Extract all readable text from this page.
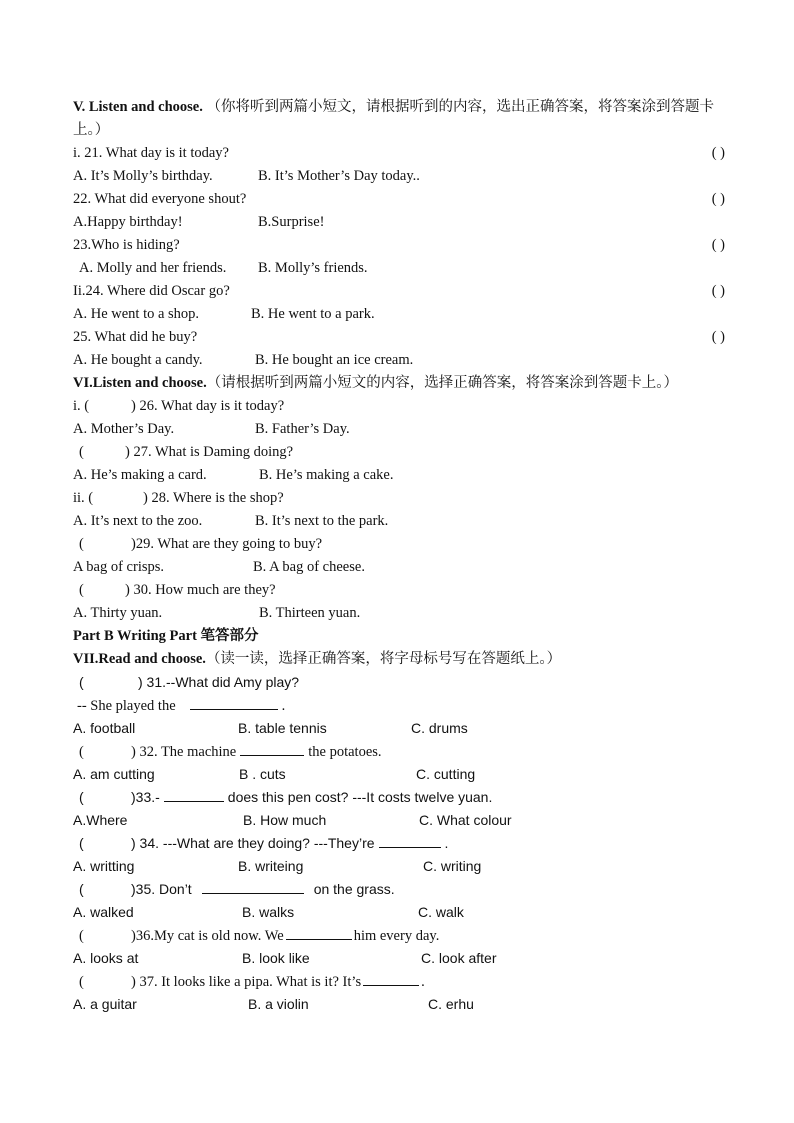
V. Listen and choose. （你将听到两篇小短文，请根据听到的内容，选出正确答案，将答案涂到答题卡上。）
i. 21. What day is it today?	( )
A. It’s Molly’s birthday.	B. It’s Mother’s Day today..
22. What did everyone shout?	( )
A.Happy birthday!	B.Surprise!
23.Who is hiding?	( )
A. Molly and her friends. B. Molly’s friends.
Ii.24. Where did Oscar go?	( )
A. He went to a shop.	B. He went to a park.
25. What did he buy?	( )
A. He bought a candy.	B. He bought an ice cream.
VI.Listen and choose.（请根据听到两篇小短文的内容，选择正确答案，将答案涂到答题卡上。）
i. (	) 26. What day is it today?
A. Mother’s Day.	B. Father’s Day.
(	) 27. What is Daming doing?
A. He’s making a card.	B. He’s making a cake.
ii. (	) 28. Where is the shop?
A. It’s next to the zoo.	B. It’s next to the park.
(	)29. What are they going to buy?
A bag of crisps.	B. A bag of cheese.
(	) 30. How much are they?
A. Thirty yuan.	B. Thirteen yuan.
Part B Writing Part 笔答部分
VII.Read and choose.（读一读，选择正确答案，将字母标号写在答题纸上。）
(	) 31.--What did Amy play?
-- She played the	.
A. football	B. table tennis	C. drums
(	) 32. The machine	the potatoes.
A. am cutting	B . cuts	C. cutting
(	)33.-	does this pen cost? ---It costs twelve yuan.
A.Where	B. How much	C. What colour
(	) 34. ---What are they doing? ---They’re	.
A. writting	B. writeing	C. writing
(	)35. Don’t	on the grass.
A. walked	B. walks	C. walk
(	)36.My cat is old now. We	him every day.
A. looks at	B. look like	C. look after
(	) 37. It looks like a pipa. What is it? It’s	.
A. a guitar	B. a violin	C. erhu
